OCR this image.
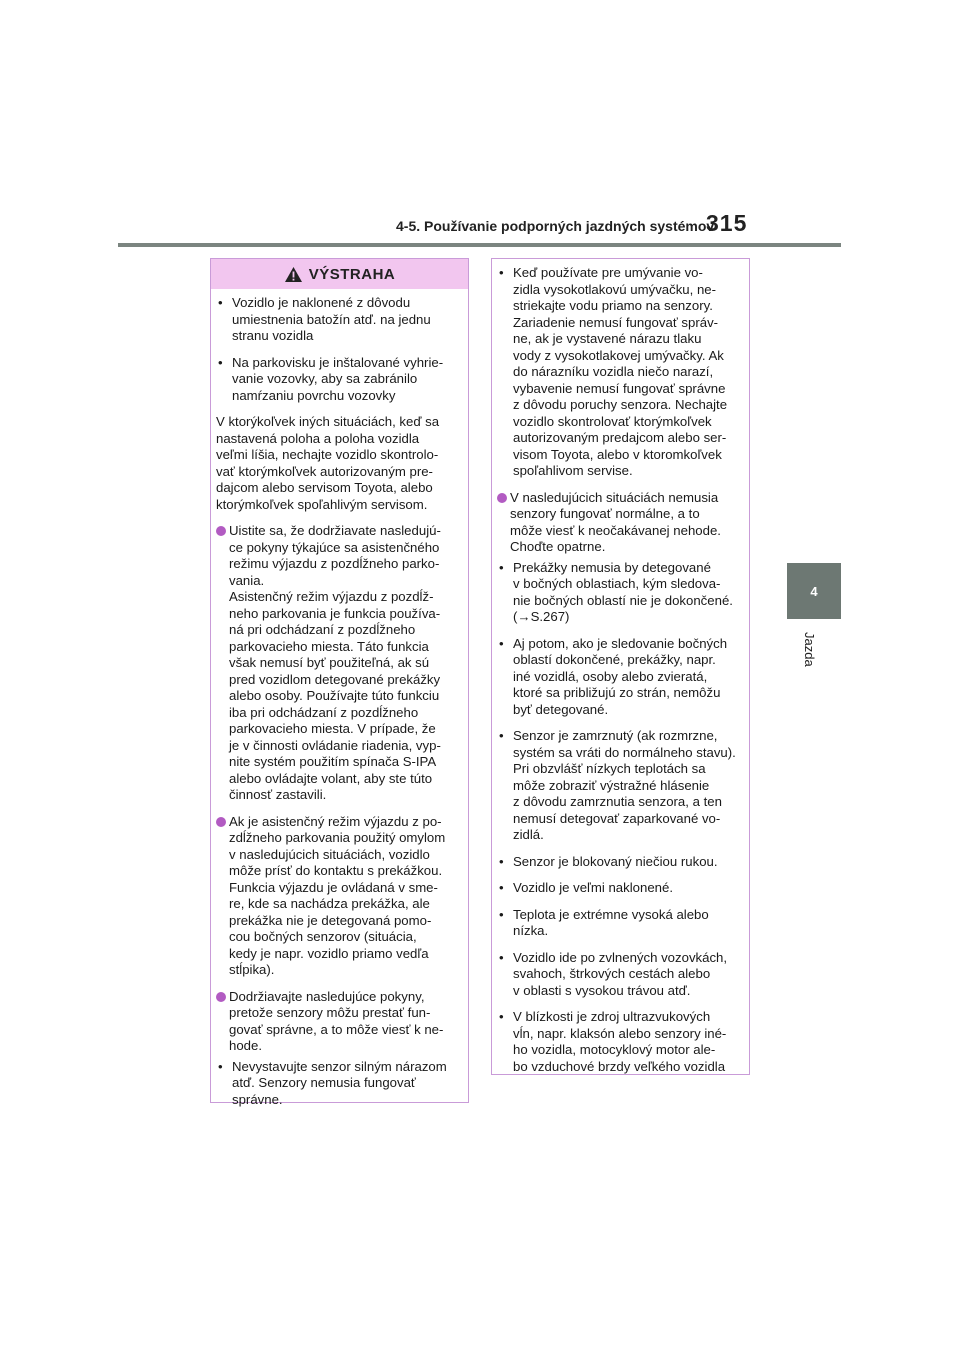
4-5. Používanie podporných jazdných systémov
315
4
Jazda
VÝSTRAHA
• Vozidlo je naklonené z dôvodu
umiestnenia batožín atď. na jednu
stranu vozidla
• Na parkovisku je inštalované vyhrie-
vanie vozovky, aby sa zabránilo
namŕzaniu povrchu vozovky
V ktorýkoľvek iných situáciách, keď sa
nastavená poloha a poloha vozidla
veľmi líšia, nechajte vozidlo skontrolo-
vať ktorýmkoľvek autorizovaným pre-
dajcom alebo servisom Toyota, alebo
ktorýmkoľvek spoľahlivým servisom.
Uistite sa, že dodržiavate nasledujú-
ce pokyny týkajúce sa asistenčného
režimu výjazdu z pozdĺžneho parko-
vania.
Asistenčný režim výjazdu z pozdĺž-
neho parkovania je funkcia používa-
ná pri odchádzaní z pozdĺžneho
parkovacieho miesta. Táto funkcia
však nemusí byť použiteľná, ak sú
pred vozidlom detegované prekážky
alebo osoby. Používajte túto funkciu
iba pri odchádzaní z pozdĺžneho
parkovacieho miesta. V prípade, že
je v činnosti ovládanie riadenia, vyp-
nite systém použitím spínača S-IPA
alebo ovládajte volant, aby ste túto
činnosť zastavili.
Ak je asistenčný režim výjazdu z po-
zdĺžneho parkovania použitý omylom
v nasledujúcich situáciách, vozidlo
môže prísť do kontaktu s prekážkou.
Funkcia výjazdu je ovládaná v sme-
re, kde sa nachádza prekážka, ale
prekážka nie je detegovaná pomo-
cou bočných senzorov (situácia,
kedy je napr. vozidlo priamo vedľa
stĺpika).
Dodržiavajte nasledujúce pokyny,
pretože senzory môžu prestať fun-
govať správne, a to môže viesť k ne-
hode.
• Nevystavujte senzor silným nárazom
atď. Senzory nemusia fungovať
správne.
• Keď používate pre umývanie vo-
zidla vysokotlakovú umývačku, ne-
striekajte vodu priamo na senzory.
Zariadenie nemusí fungovať správ-
ne, ak je vystavené nárazu tlaku
vody z vysokotlakovej umývačky. Ak
do nárazníku vozidla niečo narazí,
vybavenie nemusí fungovať správne
z dôvodu poruchy senzora. Nechajte
vozidlo skontrolovať ktorýmkoľvek
autorizovaným predajcom alebo ser-
visom Toyota, alebo v ktoromkoľvek
spoľahlivom servise.
V nasledujúcich situáciách nemusia
senzory fungovať normálne, a to
môže viesť k neočakávanej nehode.
Choďte opatrne.
• Prekážky nemusia by detegované
v bočných oblastiach, kým sledova-
nie bočných oblastí nie je dokončené.
(→S.267)
• Aj potom, ako je sledovanie bočných
oblastí dokončené, prekážky, napr.
iné vozidlá, osoby alebo zvieratá,
ktoré sa približujú zo strán, nemôžu
byť detegované.
• Senzor je zamrznutý (ak rozmrzne,
systém sa vráti do normálneho stavu).
Pri obzvlášť nízkych teplotách sa
môže zobraziť výstražné hlásenie
z dôvodu zamrznutia senzora, a ten
nemusí detegovať zaparkované vo-
zidlá.
• Senzor je blokovaný niečiou rukou.
• Vozidlo je veľmi naklonené.
• Teplota je extrémne vysoká alebo
nízka.
• Vozidlo ide po zvlnených vozovkách,
svahoch, štrkových cestách alebo
v oblasti s vysokou trávou atď.
• V blízkosti je zdroj ultrazvukových
vĺn, napr. klaksón alebo senzory iné-
ho vozidla, motocyklový motor ale-
bo vzduchové brzdy veľkého vozidla
